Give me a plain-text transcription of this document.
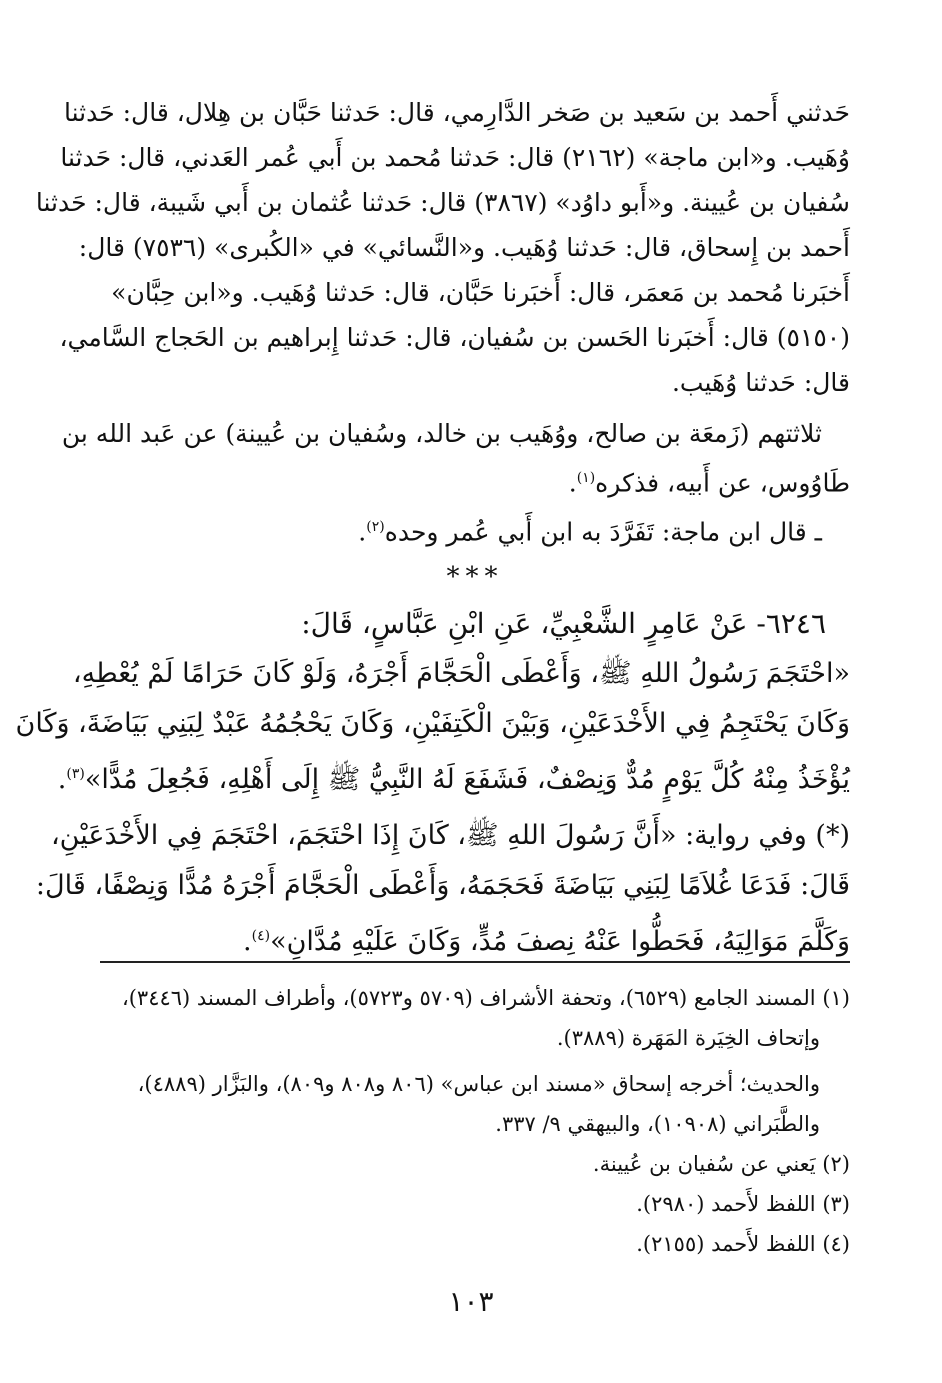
حَدثني أَحمد بن سَعيد بن صَخر الدَّارِمي، قال: حَدثنا حَبَّان بن هِلال، قال: حَدثنا

وُهَيب. و«ابن ماجة» (٢١٦٢) قال: حَدثنا مُحمد بن أَبي عُمر العَدني، قال: حَدثنا

سُفيان بن عُيينة. و«أَبو داوُد» (٣٨٦٧) قال: حَدثنا عُثمان بن أَبي شَيبة، قال: حَدثنا

أَحمد بن إِسحاق، قال: حَدثنا وُهَيب. و«النَّسائي» في «الكُبرى» (٧٥٣٦) قال:

أَخبَرنا مُحمد بن مَعمَر، قال: أَخبَرنا حَبَّان، قال: حَدثنا وُهَيب. و«ابن حِبَّان»

(٥١٥٠) قال: أَخبَرنا الحَسن بن سُفيان، قال: حَدثنا إِبراهيم بن الحَجاج السَّامي،

قال: حَدثنا وُهَيب.

ثلاثتهم (زَمعَة بن صالح، ووُهَيب بن خالد، وسُفيان بن عُيينة) عن عَبد الله بن

طَاوُوس، عن أَبيه، فذكره$^{(١)}$.

ـ قال ابن ماجة: تَفَرَّدَ به ابن أَبي عُمر وحده$^{(٢)}$.

***

٦٢٤٦- عَنْ عَامِرٍ الشَّعْبِيِّ، عَنِ ابْنِ عَبَّاسٍ، قَالَ:

«احْتَجَمَ رَسُولُ اللهِ ﷺ، وَأَعْطَى الْحَجَّامَ أَجْرَهُ، وَلَوْ كَانَ حَرَامًا لَمْ يُعْطِهِ،

وَكَانَ يَحْتَجِمُ فِي الأَخْدَعَيْنِ، وَبَيْنَ الْكَتِفَيْنِ، وَكَانَ يَحْجُمُهُ عَبْدٌ لِبَنِي بَيَاضَةَ، وَكَانَ

يُؤْخَذُ مِنْهُ كُلَّ يَوْمٍ مُدٌّ وَنِصْفٌ، فَشَفَعَ لَهُ النَّبِيُّ ﷺ إِلَى أَهْلِهِ، فَجُعِلَ مُدًّا»$^{(٣)}$.

(*) وفي رواية: «أَنَّ رَسُولَ اللهِ ﷺ، كَانَ إِذَا احْتَجَمَ، احْتَجَمَ فِي الأَخْدَعَيْنِ،

قَالَ: فَدَعَا غُلاَمًا لِبَنِي بَيَاضَةَ فَحَجَمَهُ، وَأَعْطَى الْحَجَّامَ أَجْرَهُ مُدًّا وَنِصْفًا، قَالَ:

وَكَلَّمَ مَوَالِيَهُ، فَحَطُّوا عَنْهُ نِصفَ مُدٍّ، وَكَانَ عَلَيْهِ مُدَّانِ»$^{(٤)}$.

(١) المسند الجامع (٦٥٢٩)، وتحفة الأشراف (٥٧٠٩ و٥٧٢٣)، وأطراف المسند (٣٤٤٦)،

وإتحاف الخِيَرة المَهَرة (٣٨٨٩).

والحديث؛ أخرجه إسحاق «مسند ابن عباس» (٨٠٦ و٨٠٨ و٨٠٩)، والبَزَّار (٤٨٨٩)،

والطَّبَراني (١٠٩٠٨)، والبيهقي ٩/ ٣٣٧.

(٢) يَعني عن سُفيان بن عُيينة.

(٣) اللفظ لأَحمد (٢٩٨٠).

(٤) اللفظ لأَحمد (٢١٥٥).

١٠٣
